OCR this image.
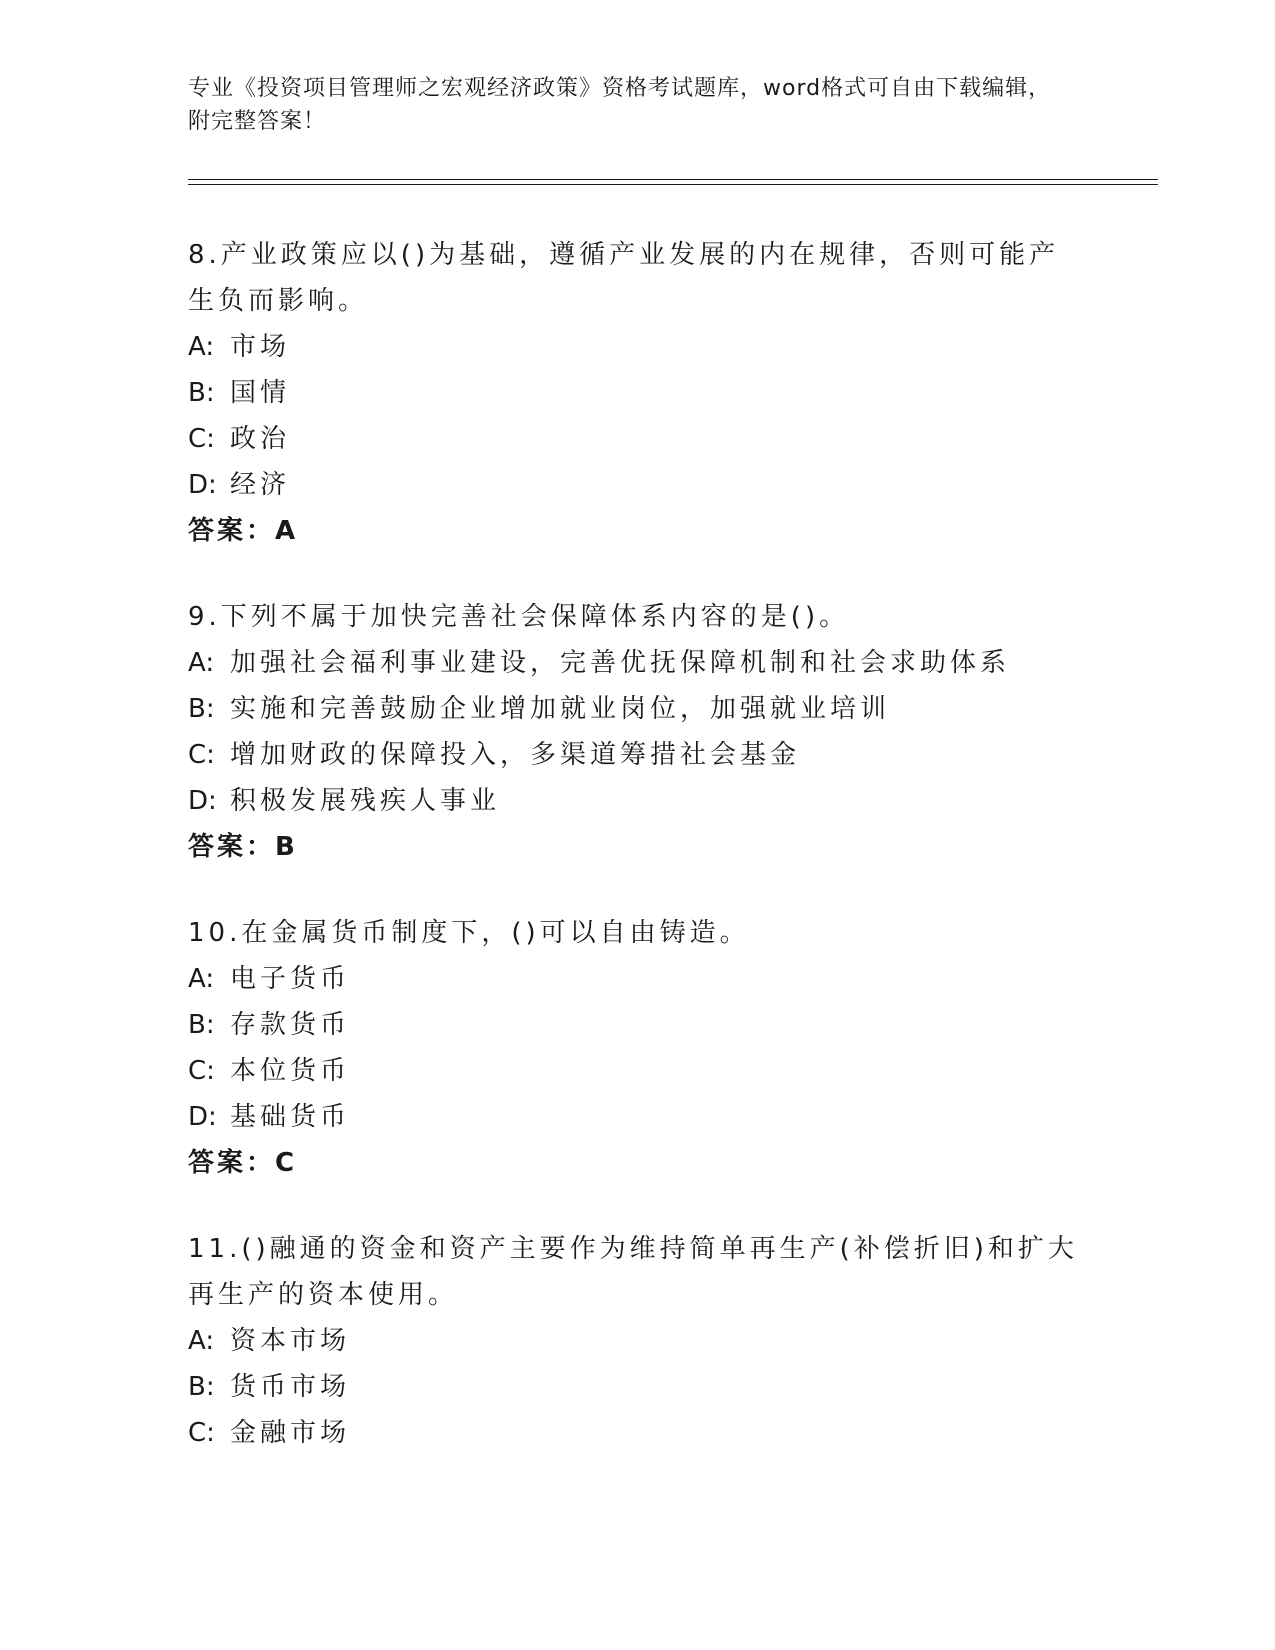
专业《投资项目管理师之宏观经济政策》资格考试题库，word格式可自由下载编辑，附完整答案！
8.产业政策应以()为基础，遵循产业发展的内在规律，否则可能产生负而影响。
A: 市场
B: 国情
C: 政治
D: 经济
答案：A
9.下列不属于加快完善社会保障体系内容的是()。
A: 加强社会福利事业建设，完善优抚保障机制和社会求助体系
B: 实施和完善鼓励企业增加就业岗位，加强就业培训
C: 增加财政的保障投入，多渠道筹措社会基金
D: 积极发展残疾人事业
答案：B
10.在金属货币制度下，()可以自由铸造。
A: 电子货币
B: 存款货币
C: 本位货币
D: 基础货币
答案：C
11.()融通的资金和资产主要作为维持简单再生产(补偿折旧)和扩大再生产的资本使用。
A: 资本市场
B: 货币市场
C: 金融市场
